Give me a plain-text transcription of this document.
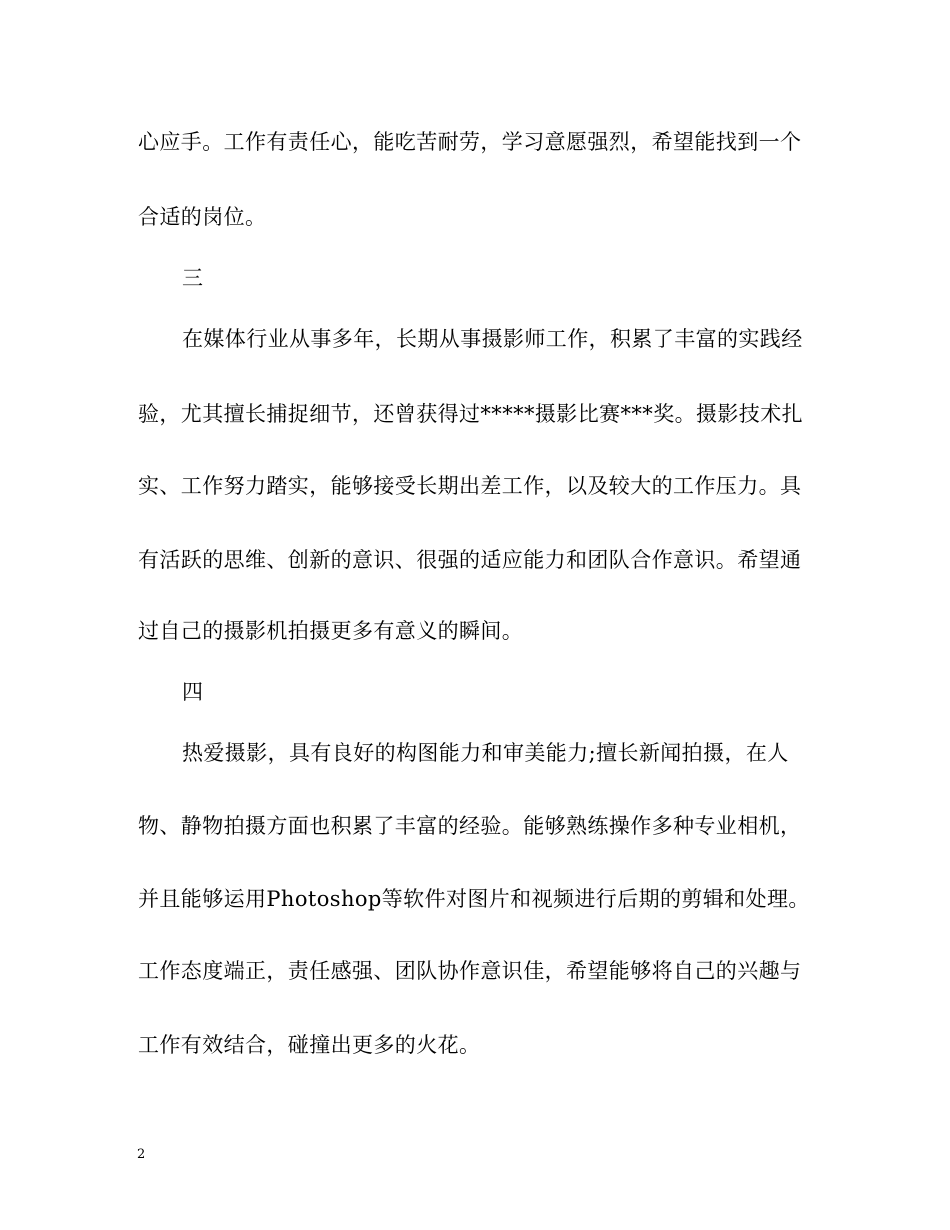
心应手。工作有责任心，能吃苦耐劳，学习意愿强烈，希望能找到一个
合适的岗位。
三
在媒体行业从事多年，长期从事摄影师工作，积累了丰富的实践经
验，尤其擅长捕捉细节，还曾获得过*****摄影比赛***奖。摄影技术扎
实、工作努力踏实，能够接受长期出差工作，以及较大的工作压力。具
有活跃的思维、创新的意识、很强的适应能力和团队合作意识。希望通
过自己的摄影机拍摄更多有意义的瞬间。
四
热爱摄影，具有良好的构图能力和审美能力;擅长新闻拍摄，在人
物、静物拍摄方面也积累了丰富的经验。能够熟练操作多种专业相机，
并且能够运用Photoshop等软件对图片和视频进行后期的剪辑和处理。
工作态度端正，责任感强、团队协作意识佳，希望能够将自己的兴趣与
工作有效结合，碰撞出更多的火花。
2
